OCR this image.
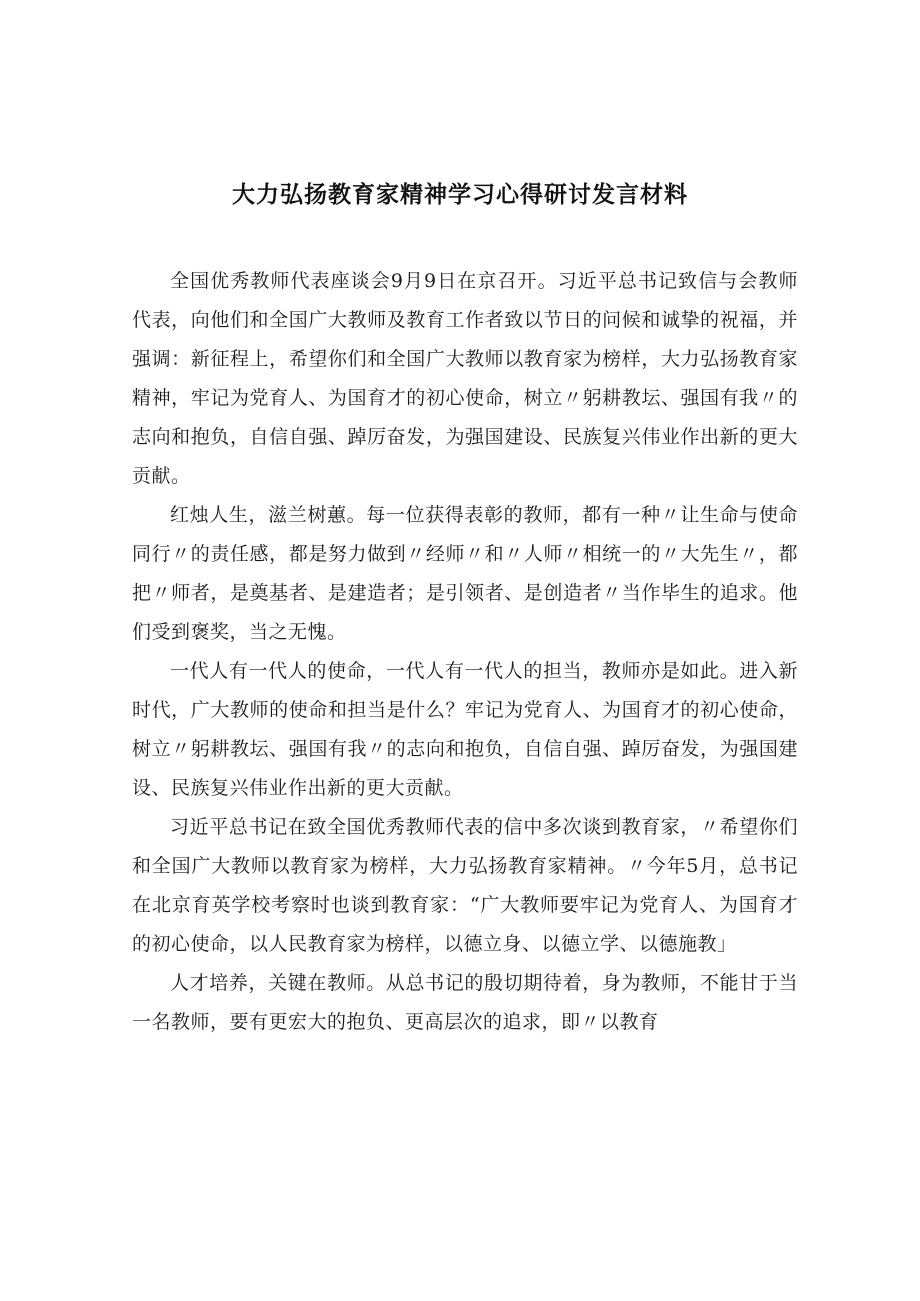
大力弘扬教育家精神学习心得研讨发言材料

全国优秀教师代表座谈会9月9日在京召开。习近平总书记致信与会教师代表，向他们和全国广大教师及教育工作者致以节日的问候和诚挚的祝福，并强调：新征程上，希望你们和全国广大教师以教育家为榜样，大力弘扬教育家精神，牢记为党育人、为国育才的初心使命，树立〃躬耕教坛、强国有我〃的志向和抱负，自信自强、踔厉奋发，为强国建设、民族复兴伟业作出新的更大贡献。

红烛人生，滋兰树蕙。每一位获得表彰的教师，都有一种〃让生命与使命同行〃的责任感，都是努力做到〃经师〃和〃人师〃相统一的〃大先生〃，都把〃师者，是奠基者、是建造者；是引领者、是创造者〃当作毕生的追求。他们受到褒奖，当之无愧。

一代人有一代人的使命，一代人有一代人的担当，教师亦是如此。进入新时代，广大教师的使命和担当是什么？牢记为党育人、为国育才的初心使命，树立〃躬耕教坛、强国有我〃的志向和抱负，自信自强、踔厉奋发，为强国建设、民族复兴伟业作出新的更大贡献。

习近平总书记在致全国优秀教师代表的信中多次谈到教育家，〃希望你们和全国广大教师以教育家为榜样，大力弘扬教育家精神。〃今年5月，总书记在北京育英学校考察时也谈到教育家：“广大教师要牢记为党育人、为国育才的初心使命，以人民教育家为榜样，以德立身、以德立学、以德施教」

人才培养，关键在教师。从总书记的殷切期待着，身为教师，不能甘于当一名教师，要有更宏大的抱负、更高层次的追求，即〃以教育
